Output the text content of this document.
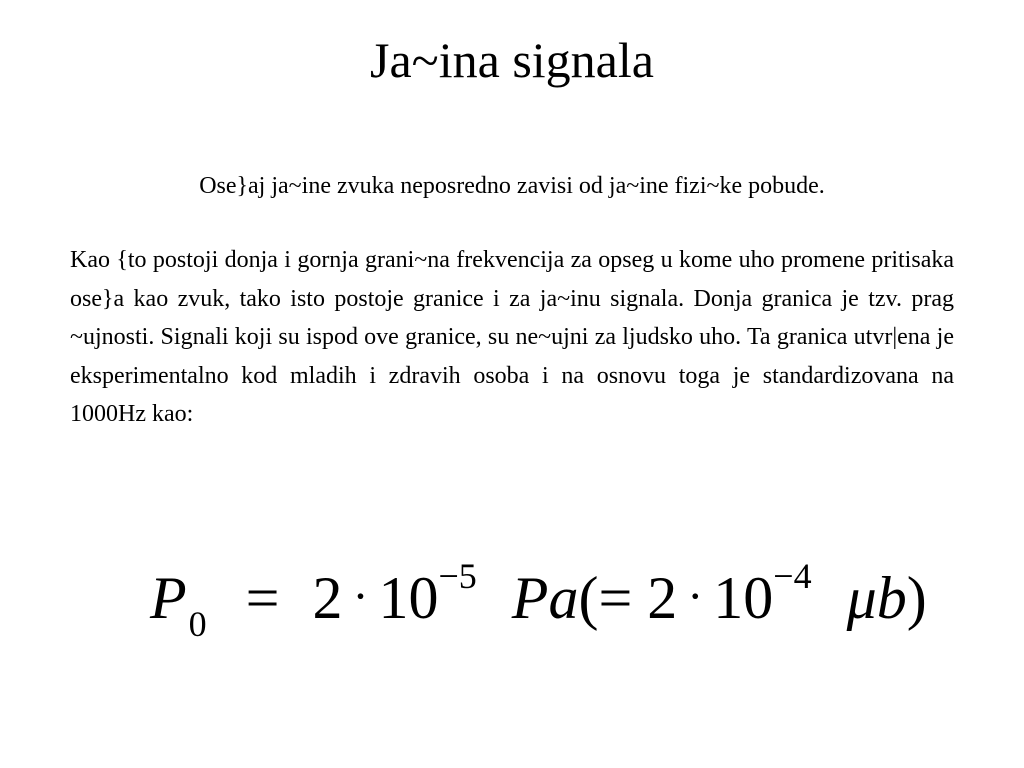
Ja~ina signala
Ose}aj ja~ine zvuka neposredno zavisi od ja~ine fizi~ke pobude.
Kao {to postoji donja i gornja grani~na frekvencija za opseg u kome uho promene pritisaka ose}a kao zvuk, tako isto postoje granice i za ja~inu signala. Donja granica je tzv. prag ~ujnosti. Signali koji su ispod ove granice, su ne~ujni za ljudsko uho. Ta granica utvr|ena je eksperimentalno kod mladih i zdravih osoba i na osnovu toga je standardizovana na 1000Hz kao:
P0 = 2 · 10−5 Pa(= 2 · 10−4 μb)
